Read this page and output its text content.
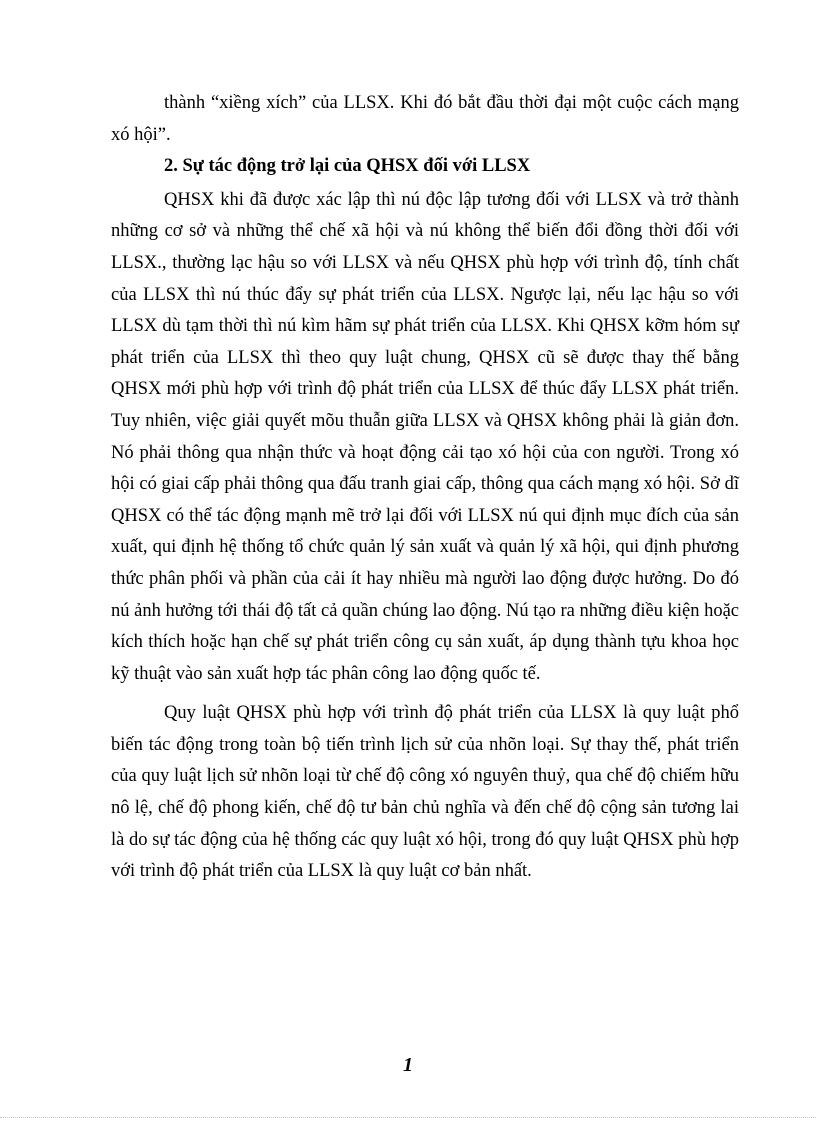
thành “xiềng xích” của LLSX. Khi đó bắt đầu thời đại một cuộc cách mạng xó hội”.

2. Sự tác động trở lại của QHSX đối với LLSX

QHSX khi đã được xác lập thì nú độc lập tương đối với LLSX và trở thành những cơ sở và những thể chế xã hội và nú không thể biến đổi đồng thời đối với LLSX., thường lạc hậu so với LLSX và nếu QHSX phù hợp với trình độ, tính chất của LLSX thì nú thúc đẩy sự phát triển của LLSX. Ngược lại, nếu lạc hậu so với LLSX dù tạm thời thì nú kìm hãm sự phát triển của LLSX. Khi QHSX kỡm hóm sự phát triển của LLSX thì theo quy luật chung, QHSX cũ sẽ được thay thế bằng QHSX mới phù hợp với trình độ phát triển của LLSX để thúc đẩy LLSX phát triển. Tuy nhiên, việc giải quyết mõu thuẫn giữa LLSX và QHSX không phải là giản đơn. Nó phải thông qua nhận thức và hoạt động cải tạo xó hội của con người. Trong xó hội có giai cấp phải thông qua đấu tranh giai cấp, thông qua cách mạng xó hội. Sở dĩ QHSX có thể tác động mạnh mẽ trở lại đối với LLSX nú qui định mục đích của sản xuất, qui định hệ thống tổ chức quản lý sản xuất và quản lý xã hội, qui định phương thức phân phối và phần của cải ít hay nhiều mà người lao động được hưởng. Do đó nú ảnh hưởng tới thái độ tất cả quần chúng lao động. Nú tạo ra những điều kiện hoặc kích thích hoặc hạn chế sự phát triển công cụ sản xuất, áp dụng thành tựu khoa học kỹ thuật vào sản xuất hợp tác phân công lao động quốc tế.

Quy luật QHSX phù hợp với trình độ phát triển của LLSX là quy luật phổ biến tác động trong toàn bộ tiến trình lịch sử của nhõn loại. Sự thay thế, phát triển của quy luật lịch sử nhõn loại từ chế độ công xó nguyên thuỷ, qua chế độ chiếm hữu nô lệ, chế độ phong kiến, chế độ tư bản chủ nghĩa và đến chế độ cộng sản tương lai là do sự tác động của hệ thống các quy luật xó hội, trong đó quy luật QHSX phù hợp với trình độ phát triển của LLSX là quy luật cơ bản nhất.

1
